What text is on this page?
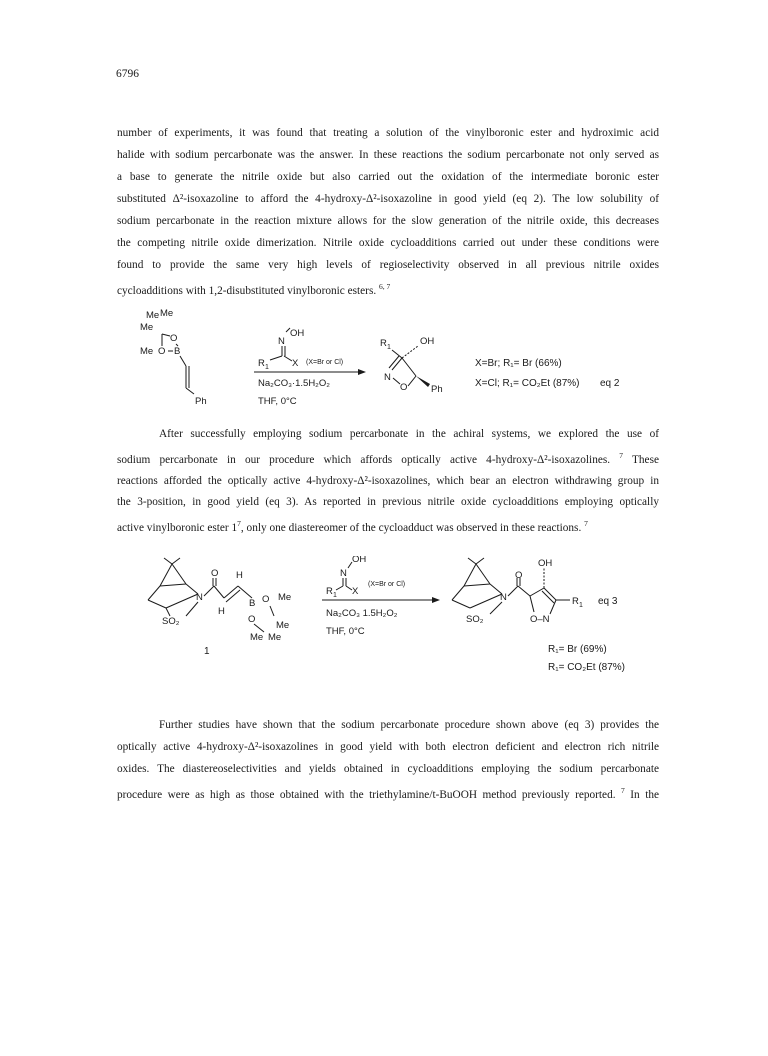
6796
number of experiments, it was found that treating a solution of the vinylboronic ester and hydroximic acid
halide with sodium percarbonate was the answer. In these reactions the sodium percarbonate not only served as
a base to generate the nitrile oxide but also carried out the oxidation of the intermediate boronic ester
substituted Δ²-isoxazoline to afford the 4-hydroxy-Δ²-isoxazoline in good yield (eq 2). The low solubility of
sodium percarbonate in the reaction mixture allows for the slow generation of the nitrile oxide, this decreases
the competing nitrile oxide dimerization. Nitrile oxide cycloadditions carried out under these conditions were
found to provide the same very high levels of regioselectivity observed in all previous nitrile oxides
cycloadditions with 1,2-disubstituted vinylboronic esters. $^{6, 7}$
Me Me
Me
Me
O
O B
Ph
OH
N
R 1 X (X=Br or Cl)
Na₂CO₃·1.5H₂O₂
THF, 0°C
R 1
OH
N
O Ph
X=Br; R₁= Br (66%)
X=Cl; R₁= CO₂Et (87%) eq 2
After successfully employing sodium percarbonate in the achiral systems, we explored the use of
sodium percarbonate in our procedure which affords optically active 4-hydroxy-Δ²-isoxazolines. $^7$ These
reactions afforded the optically active 4-hydroxy-Δ²-isoxazolines, which bear an electron withdrawing group in
the 3-position, in good yield (eq 3). As reported in previous nitrile oxide cycloadditions employing optically
active vinylboronic ester $1^7$, only one diastereomer of the cycloadduct was observed in these reactions. $^7$
SO₂
N
O H
H
B O Me
O
Me
Me Me
1
OH
N
R 1 X
(X=Br or Cl)
Na₂CO₃ 1.5H₂O₂
THF, 0°C
SO₂
N
O
OH
O–N
R 1 eq 3
R₁= Br (69%)
R₁= CO₂Et (87%)
Further studies have shown that the sodium percarbonate procedure shown above (eq 3) provides the
optically active 4-hydroxy-Δ²-isoxazolines in good yield with both electron deficient and electron rich nitrile
oxides. The diastereoselectivities and yields obtained in cycloadditions employing the sodium percarbonate
procedure were as high as those obtained with the triethylamine/t-BuOOH method previously reported. $^7$ In the
